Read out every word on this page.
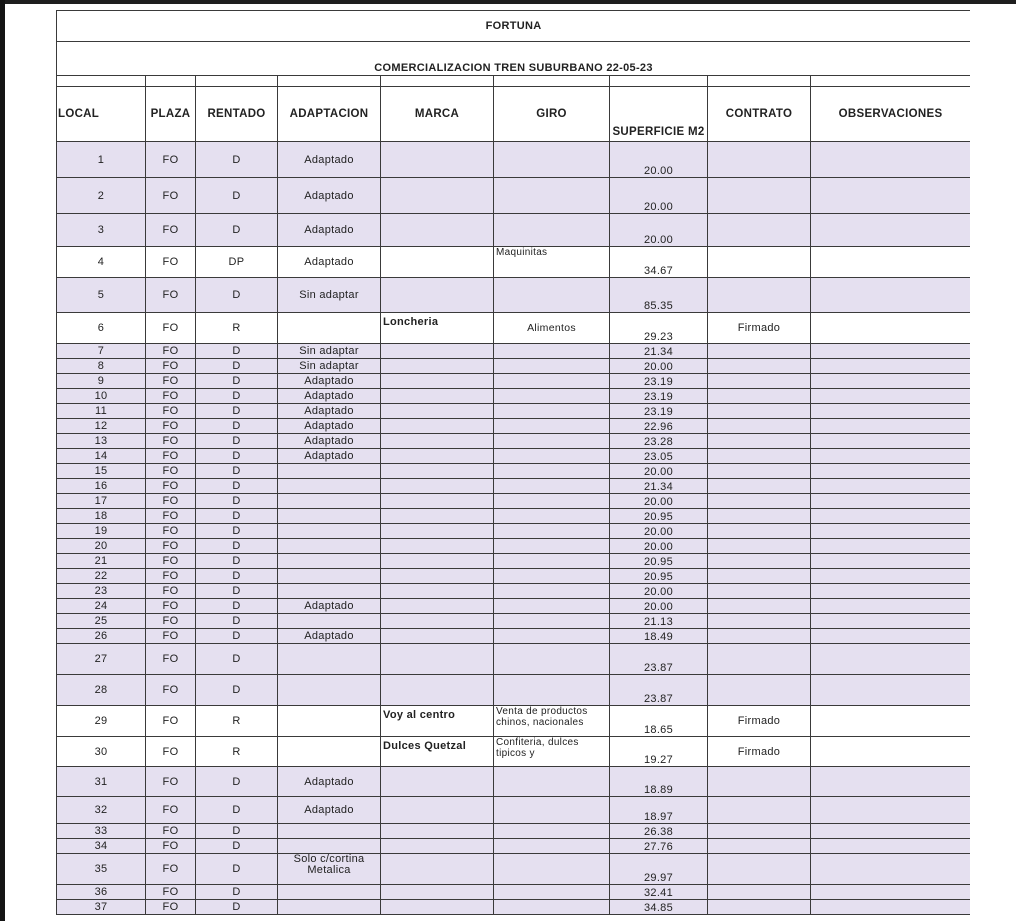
FORTUNA								
COMERCIALIZACION TREN SUBURBANO 22-05-23								

LOCAL	PLAZA	RENTADO	ADAPTACION	MARCA	GIRO	SUPERFICIE M2	CONTRATO	OBSERVACIONES
1	FO	D	Adaptado			20.00		
2	FO	D	Adaptado			20.00		
3	FO	D	Adaptado			20.00		
4	FO	DP	Adaptado		Maquinitas	34.67		
5	FO	D	Sin adaptar			85.35		
6	FO	R		Loncheria	Alimentos	29.23	Firmado	
7	FO	D	Sin adaptar			21.34		
8	FO	D	Sin adaptar			20.00		
9	FO	D	Adaptado			23.19		
10	FO	D	Adaptado			23.19		
11	FO	D	Adaptado			23.19		
12	FO	D	Adaptado			22.96		
13	FO	D	Adaptado			23.28		
14	FO	D	Adaptado			23.05		
15	FO	D				20.00		
16	FO	D				21.34		
17	FO	D				20.00		
18	FO	D				20.95		
19	FO	D				20.00		
20	FO	D				20.00		
21	FO	D				20.95		
22	FO	D				20.95		
23	FO	D				20.00		
24	FO	D	Adaptado			20.00		
25	FO	D				21.13		
26	FO	D	Adaptado			18.49		
27	FO	D				23.87		
28	FO	D				23.87		
29	FO	R		Voy al centro	Venta de productos chinos, nacionales	18.65	Firmado	
30	FO	R		Dulces Quetzal	Confiteria, dulces tipicos y	19.27	Firmado	
31	FO	D	Adaptado			18.89		
32	FO	D	Adaptado			18.97		
33	FO	D				26.38		
34	FO	D				27.76		
35	FO	D	Solo c/cortina Metalica			29.97		
36	FO	D				32.41		
37	FO	D				34.85		
